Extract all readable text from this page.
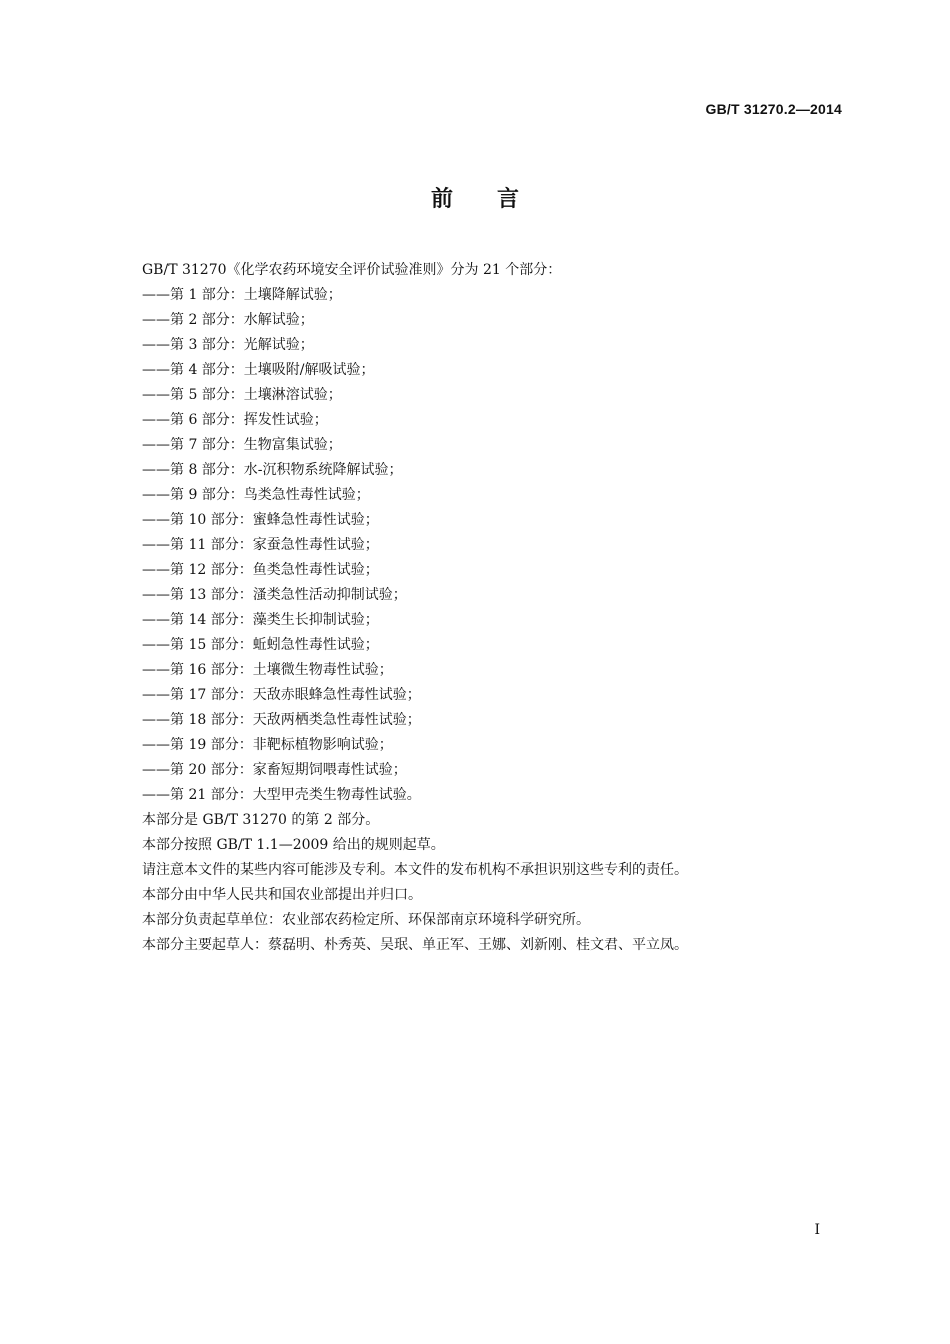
GB/T 31270.2—2014
前言
GB/T 31270《化学农药环境安全评价试验准则》分为 21 个部分：
——第 1 部分：土壤降解试验；
——第 2 部分：水解试验；
——第 3 部分：光解试验；
——第 4 部分：土壤吸附/解吸试验；
——第 5 部分：土壤淋溶试验；
——第 6 部分：挥发性试验；
——第 7 部分：生物富集试验；
——第 8 部分：水-沉积物系统降解试验；
——第 9 部分：鸟类急性毒性试验；
——第 10 部分：蜜蜂急性毒性试验；
——第 11 部分：家蚕急性毒性试验；
——第 12 部分：鱼类急性毒性试验；
——第 13 部分：溞类急性活动抑制试验；
——第 14 部分：藻类生长抑制试验；
——第 15 部分：蚯蚓急性毒性试验；
——第 16 部分：土壤微生物毒性试验；
——第 17 部分：天敌赤眼蜂急性毒性试验；
——第 18 部分：天敌两栖类急性毒性试验；
——第 19 部分：非靶标植物影响试验；
——第 20 部分：家畜短期饲喂毒性试验；
——第 21 部分：大型甲壳类生物毒性试验。
本部分是 GB/T 31270 的第 2 部分。
本部分按照 GB/T 1.1—2009 给出的规则起草。
请注意本文件的某些内容可能涉及专利。本文件的发布机构不承担识别这些专利的责任。
本部分由中华人民共和国农业部提出并归口。
本部分负责起草单位：农业部农药检定所、环保部南京环境科学研究所。
本部分主要起草人：蔡磊明、朴秀英、吴珉、单正军、王娜、刘新刚、桂文君、平立凤。
I
